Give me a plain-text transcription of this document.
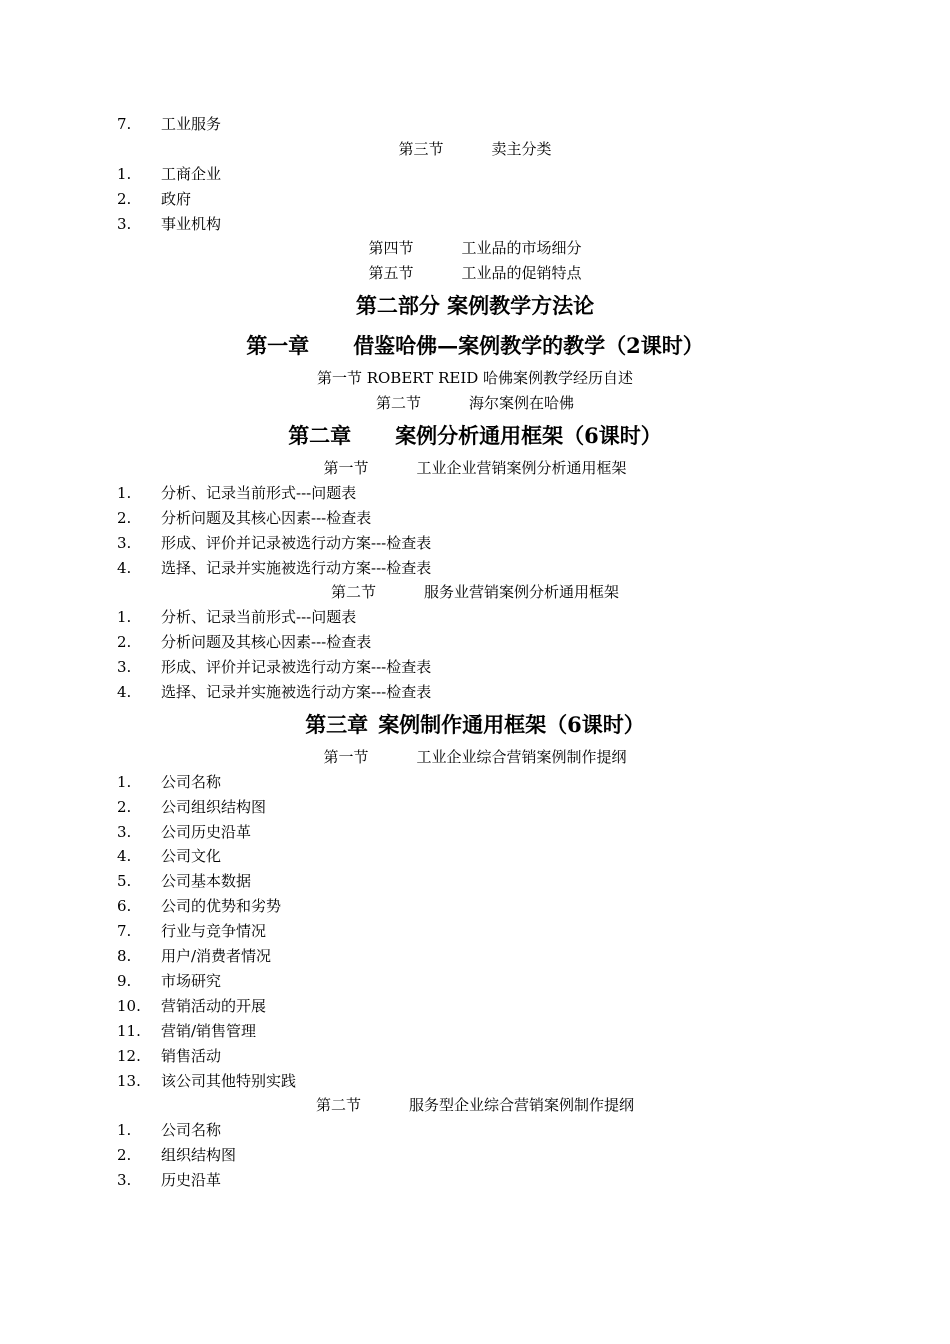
7. 工业服务
第三节	卖主分类
1. 工商企业
2. 政府
3. 事业机构
第四节	工业品的市场细分
第五节	工业品的促销特点
第二部分 案例教学方法论
第一章 借鉴哈佛—案例教学的教学（2课时）
第一节 ROBERT REID 哈佛案例教学经历自述
第二节	海尔案例在哈佛
第二章 案例分析通用框架（6课时）
第一节	工业企业营销案例分析通用框架
1. 分析、记录当前形式---问题表
2. 分析问题及其核心因素---检查表
3. 形成、评价并记录被选行动方案---检查表
4. 选择、记录并实施被选行动方案---检查表
第二节	服务业营销案例分析通用框架
1. 分析、记录当前形式---问题表
2. 分析问题及其核心因素---检查表
3. 形成、评价并记录被选行动方案---检查表
4. 选择、记录并实施被选行动方案---检查表
第三章 案例制作通用框架（6课时）
第一节	工业企业综合营销案例制作提纲
1. 公司名称
2. 公司组织结构图
3. 公司历史沿革
4. 公司文化
5. 公司基本数据
6. 公司的优势和劣势
7. 行业与竞争情况
8. 用户/消费者情况
9. 市场研究
10. 营销活动的开展
11. 营销/销售管理
12. 销售活动
13. 该公司其他特别实践
第二节	服务型企业综合营销案例制作提纲
1. 公司名称
2. 组织结构图
3. 历史沿革
